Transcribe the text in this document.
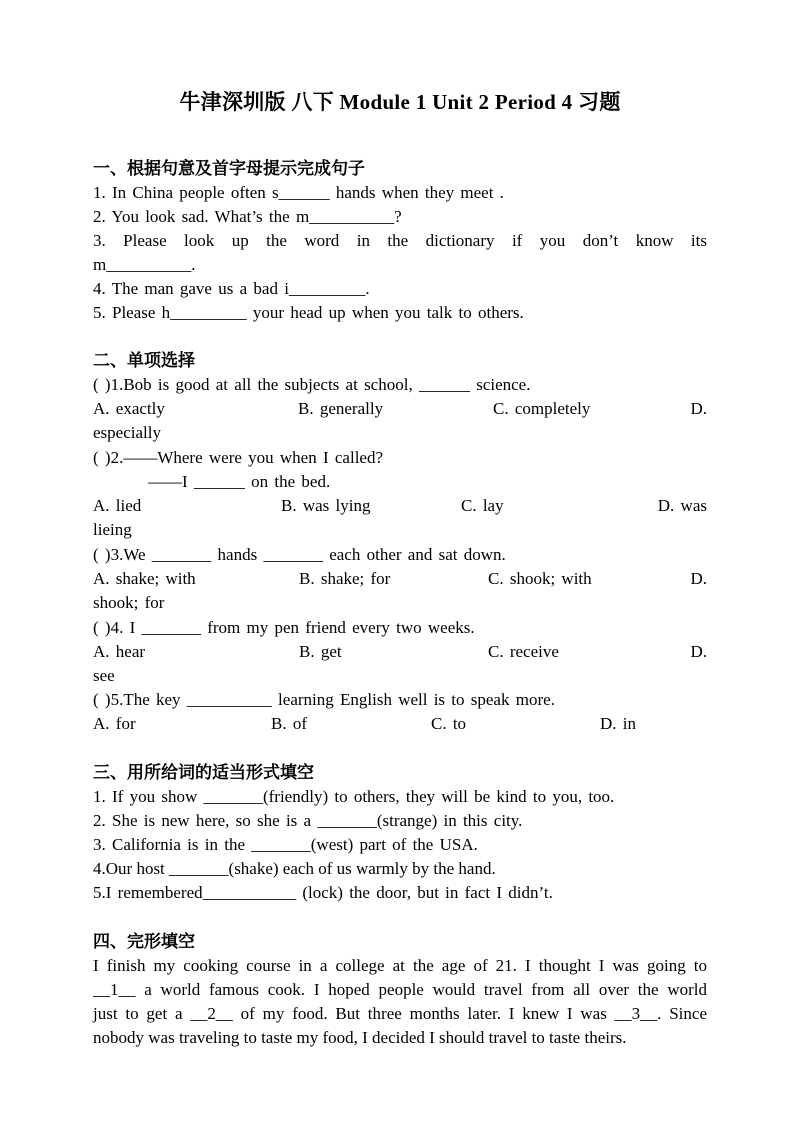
牛津深圳版 八下 Module 1 Unit 2 Period 4 习题
一、根据句意及首字母提示完成句子
1. In China people often s______ hands when they meet .
2. You look sad. What’s the m__________?
3. Please look up the word in the dictionary if you don’t know its
m__________.
4. The man gave us a bad i_________.
5. Please h_________ your head up when you talk to others.
二、单项选择
( )1.Bob is good at all the subjects at school, ______ science.
A. exactly	B. generally	C. completely	D.
especially
( )2.——Where were you when I called?
——I ______ on the bed.
A. lied	B. was lying	C. lay	D. was
lieing
( )3.We _______ hands _______ each other and sat down.
A. shake; with	B. shake; for	C. shook; with	D.
shook; for
( )4. I _______ from my pen friend every two weeks.
A. hear	B. get	C. receive	D.
see
( )5.The key __________ learning English well is to speak more.
A. for	B. of	C. to	D. in
三、用所给词的适当形式填空
1. If you show _______(friendly) to others, they will be kind to you, too.
2. She is new here, so she is a _______(strange) in this city.
3. California is in the _______(west) part of the USA.
4.Our host _______(shake) each of us warmly by the hand.
5.I remembered___________ (lock) the door, but in fact I didn’t.
四、完形填空
I finish my cooking course in a college at the age of 21. I thought I was going to
__1__ a world famous cook. I hoped people would travel from all over the world
just to get a __2__ of my food. But three months later. I knew I was __3__. Since
nobody was traveling to taste my food, I decided I should travel to taste theirs.
